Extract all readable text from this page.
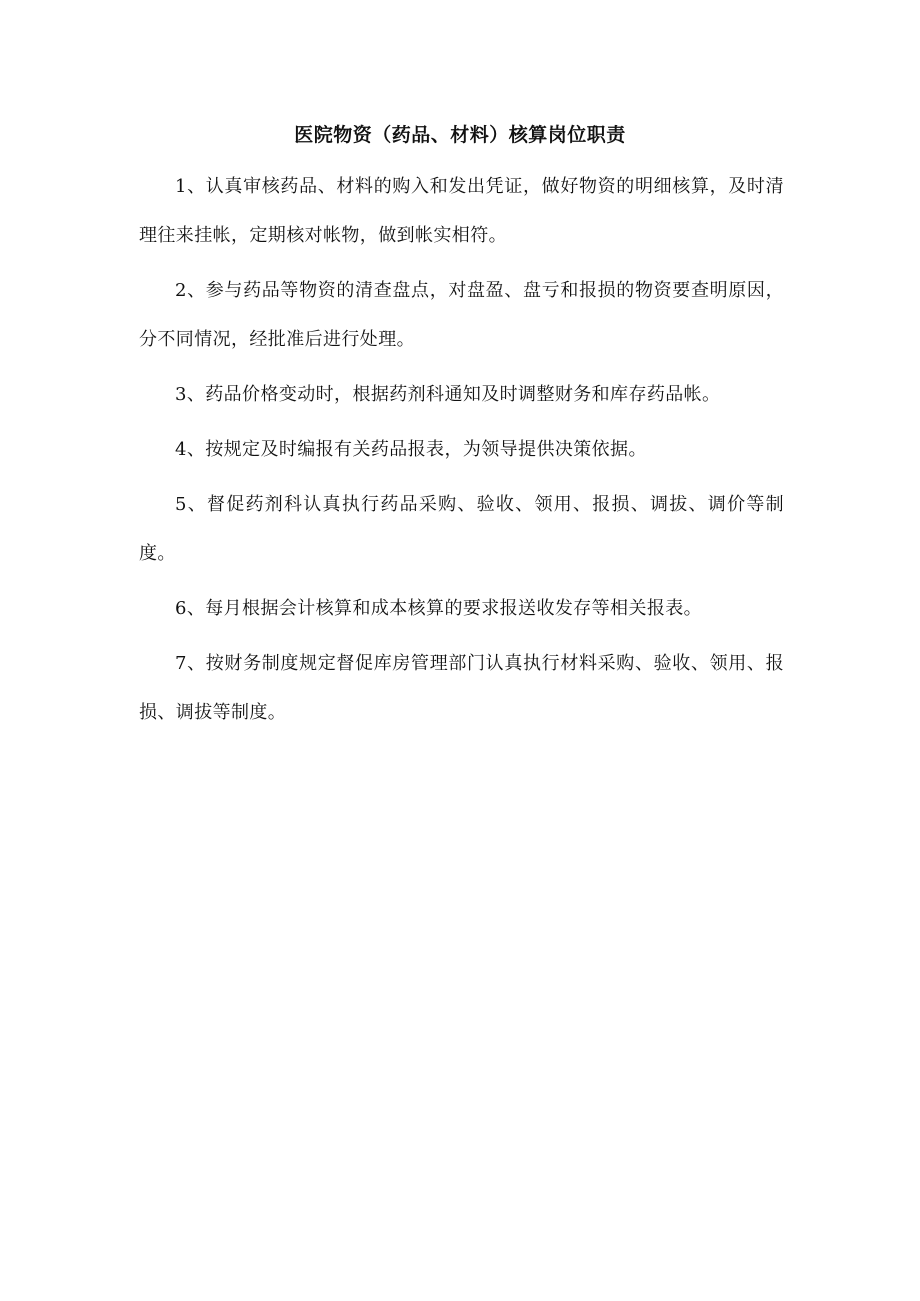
医院物资（药品、材料）核算岗位职责

1、认真审核药品、材料的购入和发出凭证，做好物资的明细核算，及时清理往来挂帐，定期核对帐物，做到帐实相符。

2、参与药品等物资的清查盘点，对盘盈、盘亏和报损的物资要查明原因，分不同情况，经批准后进行处理。

3、药品价格变动时，根据药剂科通知及时调整财务和库存药品帐。

4、按规定及时编报有关药品报表，为领导提供决策依据。

5、督促药剂科认真执行药品采购、验收、领用、报损、调拔、调价等制度。

6、每月根据会计核算和成本核算的要求报送收发存等相关报表。

7、按财务制度规定督促库房管理部门认真执行材料采购、验收、领用、报损、调拔等制度。
